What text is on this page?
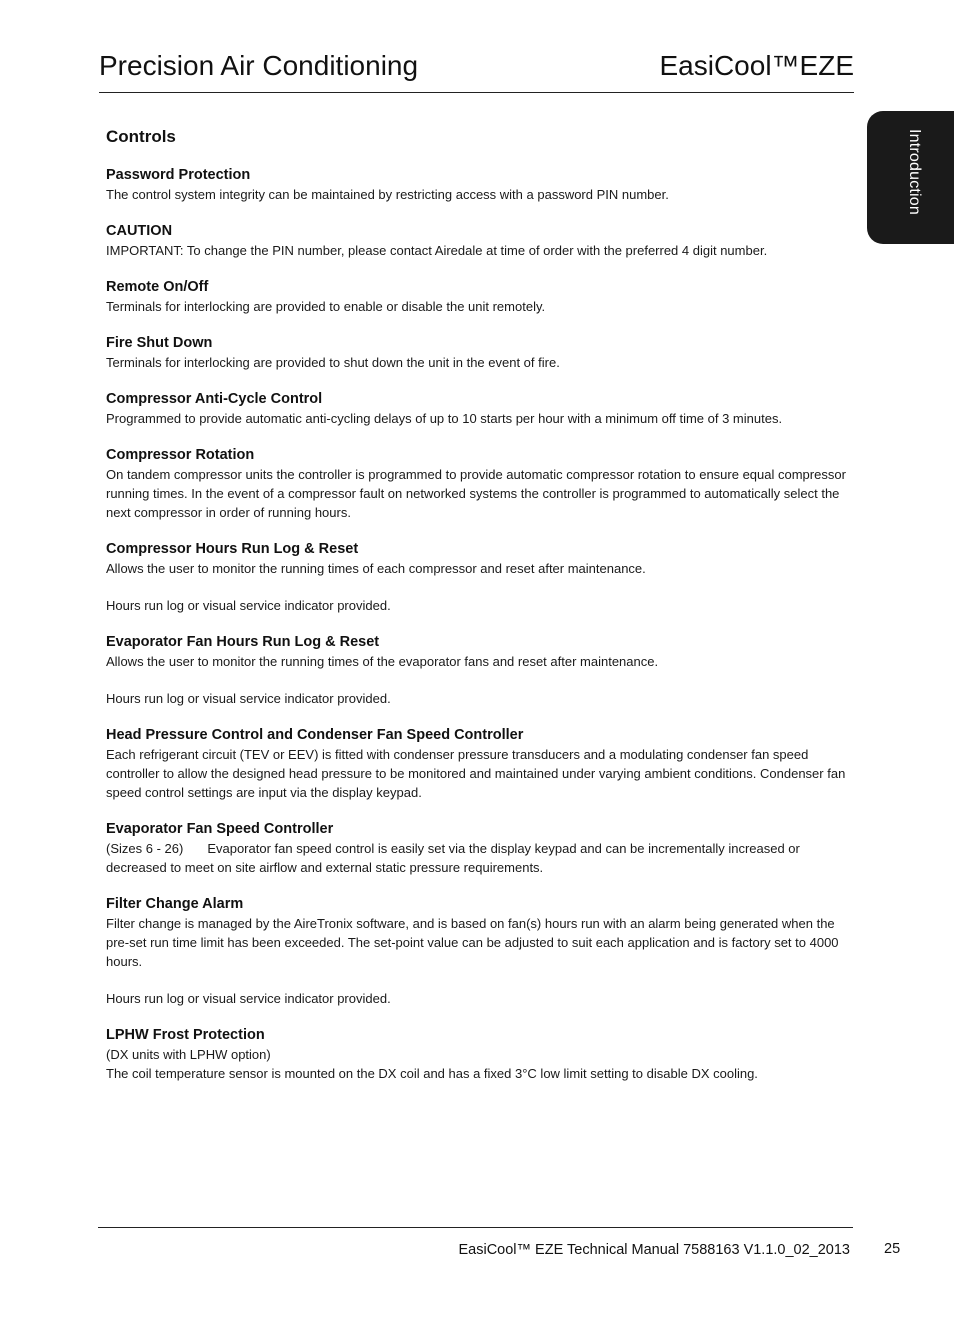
Precision Air Conditioning	EasiCool™EZE
Introduction
Controls

Password Protection

The control system integrity can be maintained by restricting access with a password PIN number.

CAUTION

IMPORTANT: To change the PIN number, please contact Airedale at time of order with the preferred 4 digit number.

Remote On/Off

Terminals for interlocking are provided to enable or disable the unit remotely.

Fire Shut Down

Terminals for interlocking are provided to shut down the unit in the event of fire.

Compressor Anti-Cycle Control

Programmed to provide automatic anti-cycling delays of up to 10 starts per hour with a minimum off time of 3 minutes.

Compressor Rotation

On tandem compressor units the controller is programmed to provide automatic compressor rotation to ensure equal compressor running times. In the event of a compressor fault on networked systems the controller is programmed to automatically select the next compressor in order of running hours.

Compressor Hours Run Log & Reset

Allows the user to monitor the running times of each compressor and reset after maintenance.

Hours run log or visual service indicator provided.

Evaporator Fan Hours Run Log & Reset

Allows the user to monitor the running times of the evaporator fans and reset after maintenance.

Hours run log or visual service indicator provided.

Head Pressure Control and Condenser Fan Speed Controller

Each refrigerant circuit (TEV or EEV) is fitted with condenser pressure transducers and a modulating condenser fan speed controller to allow the designed head pressure to be monitored and maintained under varying ambient conditions. Condenser fan speed control settings are input via the display keypad.

Evaporator Fan Speed Controller

(Sizes 6 - 26) Evaporator fan speed control is easily set via the display keypad and can be incrementally increased or decreased to meet on site airflow and external static pressure requirements.

Filter Change Alarm

Filter change is managed by the AireTronix software, and is based on fan(s) hours run with an alarm being generated when the pre-set run time limit has been exceeded. The set-point value can be adjusted to suit each application and is factory set to 4000 hours.

Hours run log or visual service indicator provided.

LPHW Frost Protection

(DX units with LPHW option)

The coil temperature sensor is mounted on the DX coil and has a fixed 3°C low limit setting to disable DX cooling.

EasiCool™ EZE Technical Manual 7588163 V1.1.0_02_2013 25
